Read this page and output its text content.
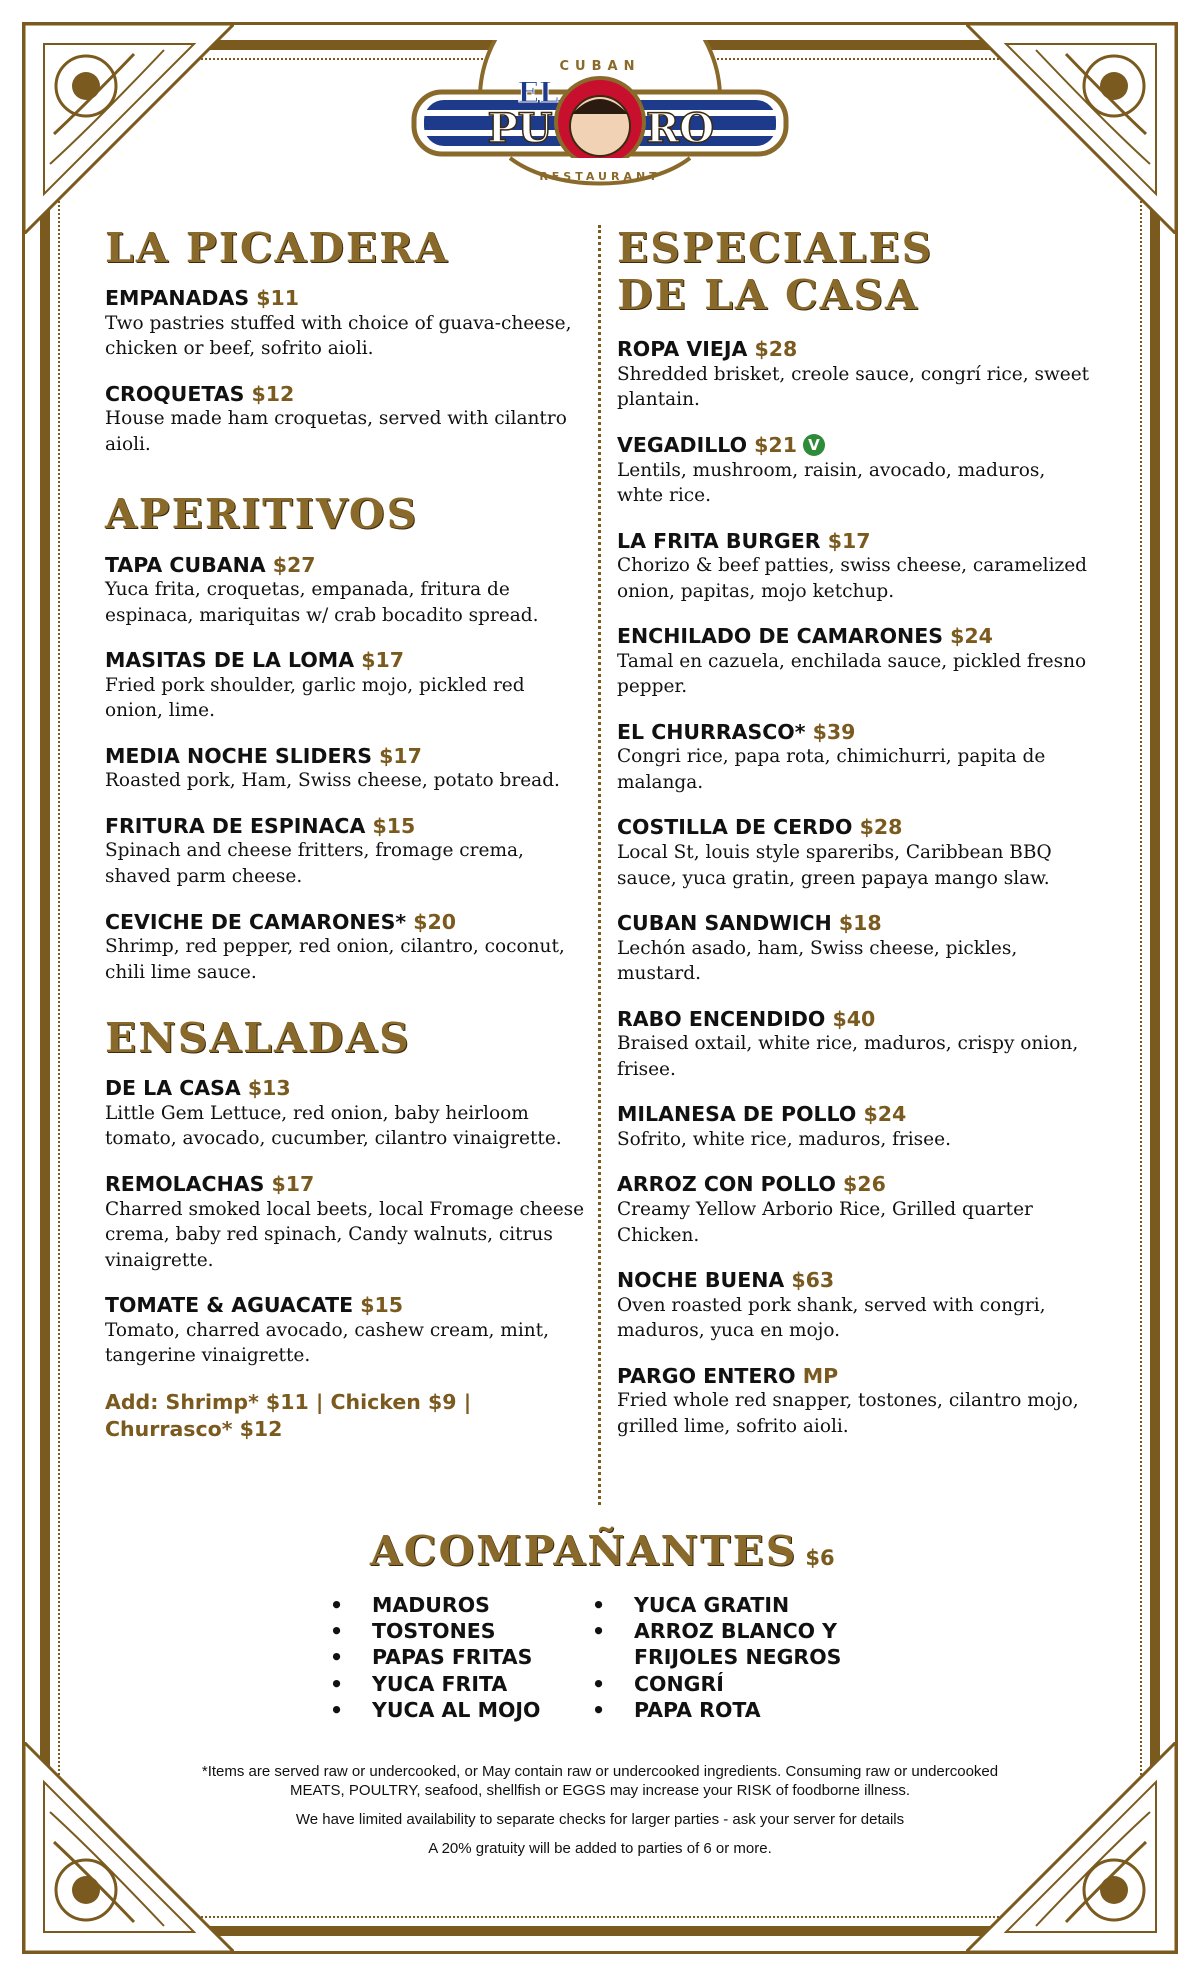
CUBAN
EL
PU RO
RESTAURANT
LA PICADERA
EMPANADAS $11
Two pastries stuffed with choice of guava-cheese, chicken or beef, sofrito aioli.
CROQUETAS $12
House made ham croquetas, served with cilantro aioli.
APERITIVOS
TAPA CUBANA $27
Yuca frita, croquetas, empanada, fritura de espinaca, mariquitas w/ crab bocadito spread.
MASITAS DE LA LOMA $17
Fried pork shoulder, garlic mojo, pickled red onion, lime.
MEDIA NOCHE SLIDERS $17
Roasted pork, Ham, Swiss cheese, potato bread.
FRITURA DE ESPINACA $15
Spinach and cheese fritters, fromage crema, shaved parm cheese.
CEVICHE DE CAMARONES* $20
Shrimp, red pepper, red onion, cilantro, coconut, chili lime sauce.
ENSALADAS
DE LA CASA $13
Little Gem Lettuce, red onion, baby heirloom tomato, avocado, cucumber, cilantro vinaigrette.
REMOLACHAS $17
Charred smoked local beets, local Fromage cheese crema, baby red spinach, Candy walnuts, citrus vinaigrette.
TOMATE & AGUACATE $15
Tomato, charred avocado, cashew cream, mint, tangerine vinaigrette.
Add: Shrimp* $11 | Chicken $9 | Churrasco* $12
ESPECIALES
DE LA CASA
ROPA VIEJA $28
Shredded brisket, creole sauce, congrí rice, sweet plantain.
VEGADILLO $21 V
Lentils, mushroom, raisin, avocado, maduros, whte rice.
LA FRITA BURGER $17
Chorizo & beef patties, swiss cheese, caramelized onion, papitas, mojo ketchup.
ENCHILADO DE CAMARONES $24
Tamal en cazuela, enchilada sauce, pickled fresno pepper.
EL CHURRASCO* $39
Congri rice, papa rota, chimichurri, papita de malanga.
COSTILLA DE CERDO $28
Local St, louis style spareribs, Caribbean BBQ sauce, yuca gratin, green papaya mango slaw.
CUBAN SANDWICH $18
Lechón asado, ham, Swiss cheese, pickles, mustard.
RABO ENCENDIDO $40
Braised oxtail, white rice, maduros, crispy onion, frisee.
MILANESA DE POLLO $24
Sofrito, white rice, maduros, frisee.
ARROZ CON POLLO $26
Creamy Yellow Arborio Rice, Grilled quarter Chicken.
NOCHE BUENA $63
Oven roasted pork shank, served with congri, maduros, yuca en mojo.
PARGO ENTERO MP
Fried whole red snapper, tostones, cilantro mojo, grilled lime, sofrito aioli.
ACOMPAÑANTES $6
•	MADUROS
•	TOSTONES
•	PAPAS FRITAS
•	YUCA FRITA
•	YUCA AL MOJO
•	YUCA GRATIN
•	ARROZ BLANCO Y
FRIJOLES NEGROS
•	CONGRÍ
•	PAPA ROTA

*Items are served raw or undercooked, or May contain raw or undercooked ingredients. Consuming raw or undercooked MEATS, POULTRY, seafood, shellfish or EGGS may increase your RISK of foodborne illness.

We have limited availability to separate checks for larger parties - ask your server for details

A 20% gratuity will be added to parties of 6 or more.
